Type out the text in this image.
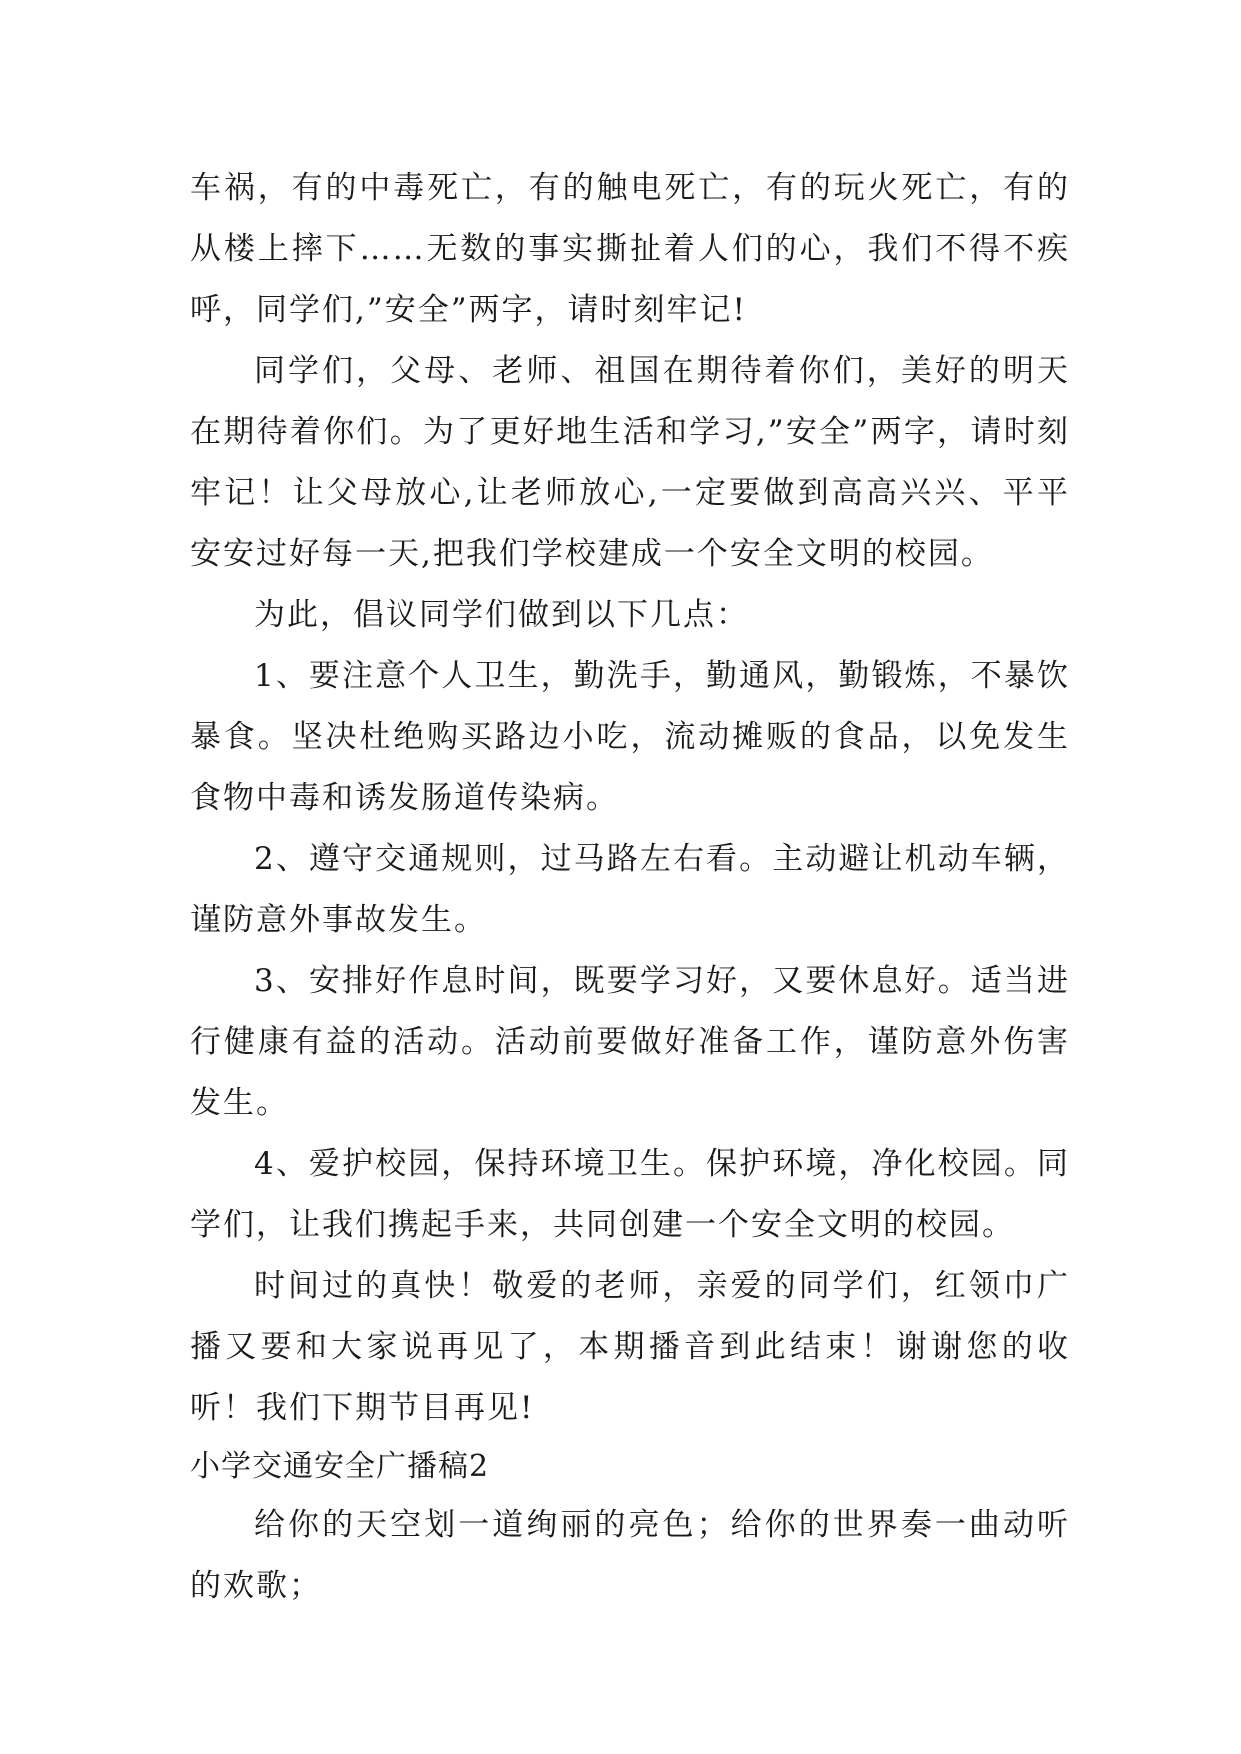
车祸，有的中毒死亡，有的触电死亡，有的玩火死亡，有的从楼上摔下……无数的事实撕扯着人们的心，我们不得不疾呼，同学们,”安全”两字，请时刻牢记!

同学们，父母、老师、祖国在期待着你们，美好的明天在期待着你们。为了更好地生活和学习,”安全”两字，请时刻牢记！让父母放心,让老师放心,一定要做到高高兴兴、平平安安过好每一天,把我们学校建成一个安全文明的校园。

为此，倡议同学们做到以下几点：

1、要注意个人卫生，勤洗手，勤通风，勤锻炼，不暴饮暴食。坚决杜绝购买路边小吃，流动摊贩的食品，以免发生食物中毒和诱发肠道传染病。

2、遵守交通规则，过马路左右看。主动避让机动车辆，谨防意外事故发生。

3、安排好作息时间，既要学习好，又要休息好。适当进行健康有益的活动。活动前要做好准备工作，谨防意外伤害发生。

4、爱护校园，保持环境卫生。保护环境，净化校园。同学们，让我们携起手来，共同创建一个安全文明的校园。

时间过的真快！敬爱的老师，亲爱的同学们，红领巾广播又要和大家说再见了，本期播音到此结束！谢谢您的收听！我们下期节目再见!

小学交通安全广播稿2

给你的天空划一道绚丽的亮色；给你的世界奏一曲动听的欢歌；
